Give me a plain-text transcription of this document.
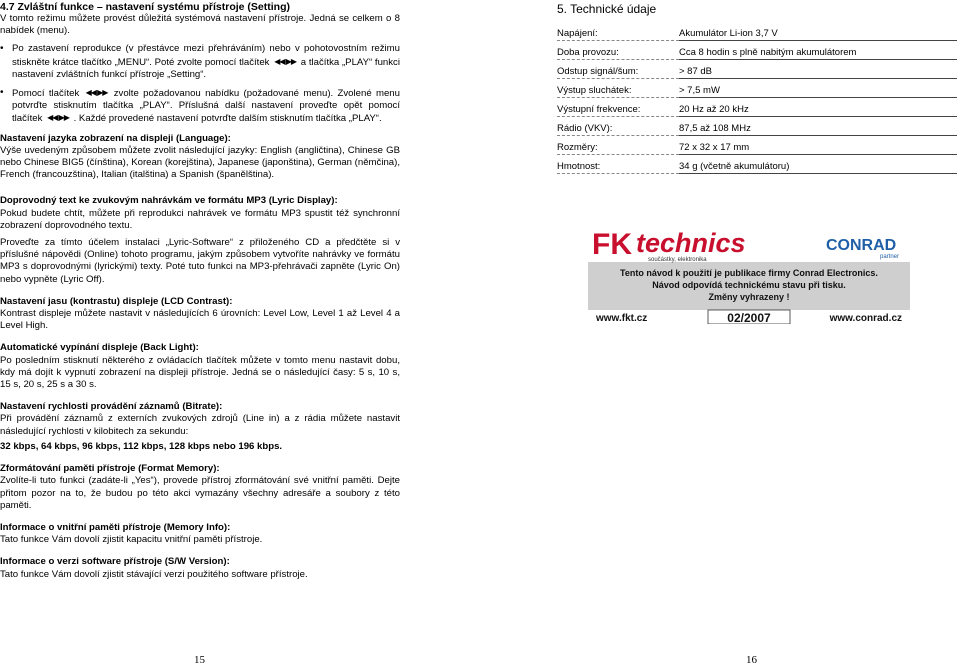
4.7 Zvláštní funkce – nastavení systému přístroje (Setting)

V tomto režimu můžete provést důležitá systémová nastavení přístroje. Jedná se celkem o 8 nabídek (menu).

• Po zastavení reprodukce (v přestávce mezi přehráváním) nebo v pohotovostním režimu stiskněte krátce tlačítko „MENU“. Poté zvolte pomocí tlačítek ◀◀ ▶▶ a tlačítka „PLAY“ funkci nastavení zvláštních funkcí přístroje „Setting“.
• Pomocí tlačítek ◀◀ ▶▶ zvolte požadovanou nabídku (požadované menu). Zvolené menu potvrďte stisknutím tlačítka „PLAY“. Příslušná další nastavení proveďte opět pomocí tlačítek ◀◀ ▶▶ . Každé provedené nastavení potvrďte dalším stisknutím tlačítka „PLAY“.

Nastavení jazyka zobrazení na displeji (Language):

Výše uvedeným způsobem můžete zvolit následující jazyky: English (angličtina), Chinese GB nebo Chinese BIG5 (čínština), Korean (korejština), Japanese (japonština), German (němčina), French (francouzština), Italian (italština) a Spanish (španělština).

Doprovodný text ke zvukovým nahrávkám ve formátu MP3 (Lyric Display):

Pokud budete chtít, můžete při reprodukci nahrávek ve formátu MP3 spustit též synchronní zobrazení doprovodného textu.

Proveďte za tímto účelem instalaci „Lyric-Software“ z přiloženého CD a předčtěte si v příslušné nápovědi (Online) tohoto programu, jakým způsobem vytvoříte nahrávky ve formátu MP3 s doprovodnými (lyrickými) texty. Poté tuto funkci na MP3-přehrávači zapněte (Lyric On) nebo vypněte (Lyric Off).

Nastavení jasu (kontrastu) displeje (LCD Contrast):

Kontrast displeje můžete nastavit v následujících 6 úrovních: Level Low, Level 1 až Level 4 a Level High.

Automatické vypínání displeje (Back Light):

Po posledním stisknutí některého z ovládacích tlačítek můžete v tomto menu nastavit dobu, kdy má dojít k vypnutí zobrazení na displeji přístroje. Jedná se o následující časy: 5 s, 10 s, 15 s, 20 s, 25 s a 30 s.

Nastavení rychlosti provádění záznamů (Bitrate):

Při provádění záznamů z externích zvukových zdrojů (Line in) a z rádia můžete nastavit následující rychlosti v kilobitech za sekundu:

32 kbps, 64 kbps, 96 kbps, 112 kbps, 128 kbps nebo 196 kbps.

Zformátování paměti přístroje (Format Memory):

Zvolíte-li tuto funkci (zadáte-li „Yes“), provede přístroj zformátování své vnitřní paměti. Dejte přitom pozor na to, že budou po této akci vymazány všechny adresáře a soubory z této paměti.

Informace o vnitřní paměti přístroje (Memory Info):

Tato funkce Vám dovolí zjistit kapacitu vnitřní paměti přístroje.

Informace o verzi software přístroje (S/W Version):

Tato funkce Vám dovolí zjistit stávající verzi použitého software přístroje.

15
5. Technické údaje
Napájení:	Akumulátor Li-ion 3,7 V
Doba provozu:	Cca 8 hodin s plně nabitým akumulátorem
Odstup signál/šum:	> 87 dB
Výstup sluchátek:	> 7,5 mW
Výstupní frekvence:	20 Hz až 20 kHz
Rádio (VKV):	87,5 až 108 MHz
Rozměry:	72 x 32 x 17 mm
Hmotnost:	34 g (včetně akumulátoru)
FK technics
součástky, elektronika
CONRAD
partner
Tento návod k použití je publikace firmy Conrad Electronics.
Návod odpovídá technickému stavu při tisku.
Změny vyhrazeny !
www.fkt.cz	02/2007	www.conrad.cz
16
